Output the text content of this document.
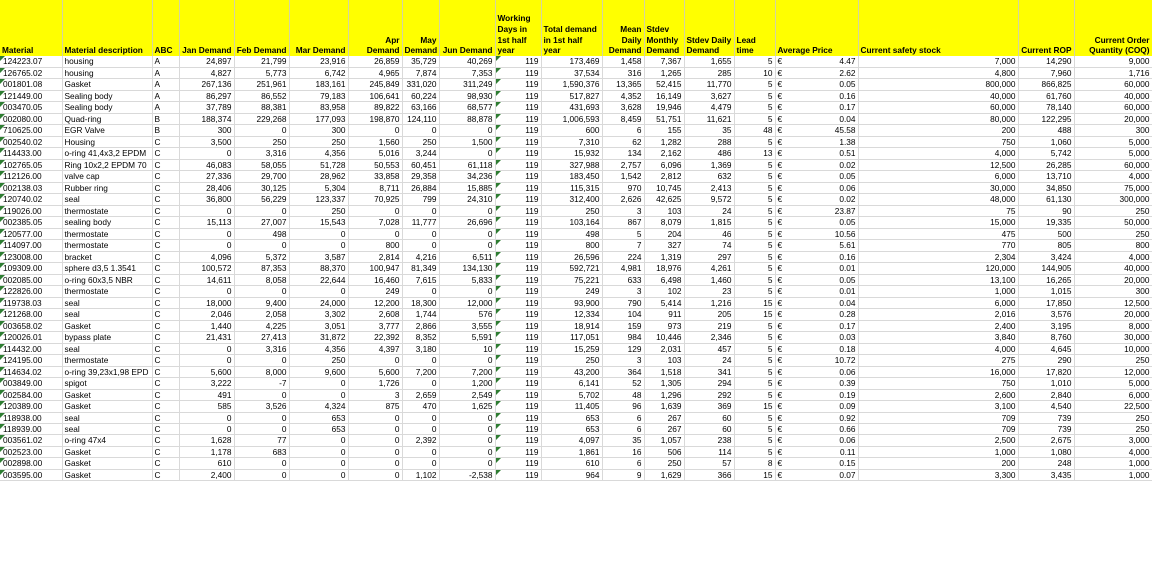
Material	Material description	ABC	Jan Demand	Feb Demand	Mar Demand	Apr Demand	May Demand	Jun Demand	Working Days in 1st half year	Total demand in 1st half year	Mean Daily Demand	Stdev Monthly Demand	Stdev Daily Demand	Lead time	Average Price	Current safety stock	Current ROP	Current Order Quantity (COQ)
124223.07	housing	A	24,897	21,799	23,916	26,859	35,729	40,269	119	173,469	1,458	7,367	1,655	5	€ 4.47	7,000	14,290	9,000
126765.02	housing	A	4,827	5,773	6,742	4,965	7,874	7,353	119	37,534	316	1,265	285	10	€ 2.62	4,800	7,960	1,716
001801.08	Gasket	A	267,136	251,961	183,161	245,849	331,020	311,249	119	1,590,376	13,365	52,415	11,770	5	€ 0.05	800,000	866,825	60,000
121449.00	Sealing body	A	86,297	86,552	79,183	106,641	60,224	98,930	119	517,827	4,352	16,149	3,627	5	€ 0.16	40,000	61,760	40,000
003470.05	Sealing body	A	37,789	88,381	83,958	89,822	63,166	68,577	119	431,693	3,628	19,946	4,479	5	€ 0.17	60,000	78,140	60,000
002080.00	Quad-ring	B	188,374	229,268	177,093	198,870	124,110	88,878	119	1,006,593	8,459	51,751	11,621	5	€ 0.04	80,000	122,295	20,000
710625.00	EGR Valve	B	300	0	300	0	0	0	119	600	6	155	35	48	€ 45.58	200	488	300
002540.02	Housing	C	3,500	250	250	1,560	250	1,500	119	7,310	62	1,282	288	5	€ 1.38	750	1,060	5,000
114433.00	o-ring 41,4x3,2 EPDM	C	0	3,316	4,356	5,016	3,244	0	119	15,932	134	2,162	486	13	€ 0.51	4,000	5,742	5,000
102765.05	Ring 10x2,2 EPDM 70	C	46,083	58,055	51,728	50,553	60,451	61,118	119	327,988	2,757	6,096	1,369	5	€ 0.02	12,500	26,285	60,000
112126.00	valve cap	C	27,336	29,700	28,962	33,858	29,358	34,236	119	183,450	1,542	2,812	632	5	€ 0.05	6,000	13,710	4,000
002138.03	Rubber ring	C	28,406	30,125	5,304	8,711	26,884	15,885	119	115,315	970	10,745	2,413	5	€ 0.06	30,000	34,850	75,000
120740.02	seal	C	36,800	56,229	123,337	70,925	799	24,310	119	312,400	2,626	42,625	9,572	5	€ 0.02	48,000	61,130	300,000
119026.00	thermostate	C	0	0	250	0	0	0	119	250	3	103	24	5	€ 23.87	75	90	250
002385.05	sealing body	C	15,113	27,007	15,543	7,028	11,777	26,696	119	103,164	867	8,079	1,815	5	€ 0.05	15,000	19,335	50,000
120577.00	thermostate	C	0	498	0	0	0	0	119	498	5	204	46	5	€ 10.56	475	500	250
114097.00	thermostate	C	0	0	0	800	0	0	119	800	7	327	74	5	€ 5.61	770	805	800
123008.00	bracket	C	4,096	5,372	3,587	2,814	4,216	6,511	119	26,596	224	1,319	297	5	€ 0.16	2,304	3,424	4,000
109309.00	sphere d3,5 1.3541	C	100,572	87,353	88,370	100,947	81,349	134,130	119	592,721	4,981	18,976	4,261	5	€ 0.01	120,000	144,905	40,000
002085.00	o-ring 60x3,5 NBR	C	14,611	8,058	22,644	16,460	7,615	5,833	119	75,221	633	6,498	1,460	5	€ 0.05	13,100	16,265	20,000
122826.00	thermostate	C	0	0	0	249	0	0	119	249	3	102	23	5	€ 0.01	1,000	1,015	300
119738.03	seal	C	18,000	9,400	24,000	12,200	18,300	12,000	119	93,900	790	5,414	1,216	15	€ 0.04	6,000	17,850	12,500
121268.00	seal	C	2,046	2,058	3,302	2,608	1,744	576	119	12,334	104	911	205	15	€ 0.28	2,016	3,576	20,000
003658.02	Gasket	C	1,440	4,225	3,051	3,777	2,866	3,555	119	18,914	159	973	219	5	€ 0.17	2,400	3,195	8,000
120026.01	bypass plate	C	21,431	27,413	31,872	22,392	8,352	5,591	119	117,051	984	10,446	2,346	5	€ 0.03	3,840	8,760	30,000
114432.00	seal	C	0	3,316	4,356	4,397	3,180	10	119	15,259	129	2,031	457	5	€ 0.18	4,000	4,645	10,000
124195.00	thermostate	C	0	0	250	0	0	0	119	250	3	103	24	5	€ 10.72	275	290	250
114634.02	o-ring 39,23x1,98 EPD	C	5,600	8,000	9,600	5,600	7,200	7,200	119	43,200	364	1,518	341	5	€ 0.06	16,000	17,820	12,000
003849.00	spigot	C	3,222	-7	0	1,726	0	1,200	119	6,141	52	1,305	294	5	€ 0.39	750	1,010	5,000
002584.00	Gasket	C	491	0	0	3	2,659	2,549	119	5,702	48	1,296	292	5	€ 0.19	2,600	2,840	6,000
120389.00	Gasket	C	585	3,526	4,324	875	470	1,625	119	11,405	96	1,639	369	15	€ 0.09	3,100	4,540	22,500
118938.00	seal	C	0	0	653	0	0	0	119	653	6	267	60	5	€ 0.92	709	739	250
118939.00	seal	C	0	0	653	0	0	0	119	653	6	267	60	5	€ 0.66	709	739	250
003561.02	o-ring 47x4	C	1,628	77	0	0	2,392	0	119	4,097	35	1,057	238	5	€ 0.06	2,500	2,675	3,000
002523.00	Gasket	C	1,178	683	0	0	0	0	119	1,861	16	506	114	5	€ 0.11	1,000	1,080	4,000
002898.00	Gasket	C	610	0	0	0	0	0	119	610	6	250	57	8	€ 0.15	200	248	1,000
003595.00	Gasket	C	2,400	0	0	0	1,102	-2,538	119	964	9	1,629	366	15	€ 0.07	3,300	3,435	1,000
